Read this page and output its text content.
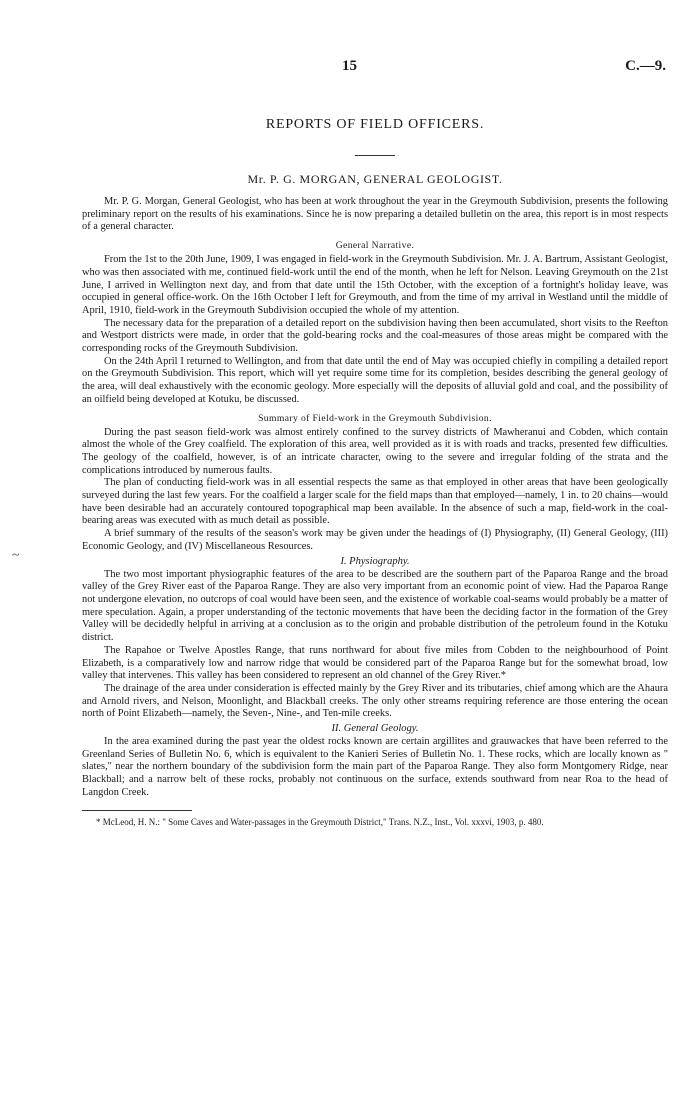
15	C.—9.
REPORTS OF FIELD OFFICERS.
Mr. P. G. MORGAN, GENERAL GEOLOGIST.

Mr. P. G. Morgan, General Geologist, who has been at work throughout the year in the Greymouth Subdivision, presents the following preliminary report on the results of his examinations. Since he is now preparing a detailed bulletin on the area, this report is in most respects of a general character.

General Narrative.

From the 1st to the 20th June, 1909, I was engaged in field-work in the Greymouth Subdivision. Mr. J. A. Bartrum, Assistant Geologist, who was then associated with me, continued field-work until the end of the month, when he left for Nelson. Leaving Greymouth on the 21st June, I arrived in Wellington next day, and from that date until the 15th October, with the exception of a fortnight's holiday leave, was occupied in general office-work. On the 16th October I left for Greymouth, and from the time of my arrival in Westland until the middle of April, 1910, field-work in the Greymouth Subdivision occupied the whole of my attention.

The necessary data for the preparation of a detailed report on the subdivision having then been accumulated, short visits to the Reefton and Westport districts were made, in order that the gold-bearing rocks and the coal-measures of those areas might be compared with the corresponding rocks of the Greymouth Subdivision.

On the 24th April I returned to Wellington, and from that date until the end of May was occupied chiefly in compiling a detailed report on the Greymouth Subdivision. This report, which will yet require some time for its completion, besides describing the general geology of the area, will deal exhaustively with the economic geology. More especially will the deposits of alluvial gold and coal, and the possibility of an oilfield being developed at Kotuku, be discussed.

Summary of Field-work in the Greymouth Subdivision.

During the past season field-work was almost entirely confined to the survey districts of Mawheranui and Cobden, which contain almost the whole of the Grey coalfield. The exploration of this area, well provided as it is with roads and tracks, presented few difficulties. The geology of the coalfield, however, is of an intricate character, owing to the severe and irregular folding of the strata and the complications introduced by numerous faults.

The plan of conducting field-work was in all essential respects the same as that employed in other areas that have been geologically surveyed during the last few years. For the coalfield a larger scale for the field maps than that employed—namely, 1 in. to 20 chains—would have been desirable had an accurately contoured topographical map been available. In the absence of such a map, field-work in the coal-bearing areas was executed with as much detail as possible.

A brief summary of the results of the season's work may be given under the headings of (I) Physiography, (II) General Geology, (III) Economic Geology, and (IV) Miscellaneous Resources.

I. Physiography.

The two most important physiographic features of the area to be described are the southern part of the Paparoa Range and the broad valley of the Grey River east of the Paparoa Range. They are also very important from an economic point of view. Had the Paparoa Range not undergone elevation, no outcrops of coal would have been seen, and the existence of workable coal-seams would probably be a matter of mere speculation. Again, a proper understanding of the tectonic movements that have been the deciding factor in the formation of the Grey Valley will be decidedly helpful in arriving at a conclusion as to the origin and probable distribution of the petroleum found in the Kotuku district.

The Rapahoe or Twelve Apostles Range, that runs northward for about five miles from Cobden to the neighbourhood of Point Elizabeth, is a comparatively low and narrow ridge that would be considered part of the Paparoa Range but for the somewhat broad, low valley that intervenes. This valley has been considered to represent an old channel of the Grey River.*

The drainage of the area under consideration is effected mainly by the Grey River and its tributaries, chief among which are the Ahaura and Arnold rivers, and Nelson, Moonlight, and Blackball creeks. The only other streams requiring reference are those entering the ocean north of Point Elizabeth—namely, the Seven-, Nine-, and Ten-mile creeks.

II. General Geology.

In the area examined during the past year the oldest rocks known are certain argillites and grauwackes that have been referred to the Greenland Series of Bulletin No. 6, which is equivalent to the Kanieri Series of Bulletin No. 1. These rocks, which are locally known as " slates," near the northern boundary of the subdivision form the main part of the Paparoa Range. They also form Montgomery Ridge, near Blackball; and a narrow belt of these rocks, probably not continuous on the surface, extends southward from near Roa to the head of Langdon Creek.

* McLeod, H. N.: " Some Caves and Water-passages in the Greymouth District," Trans. N.Z., Inst., Vol. xxxvi, 1903, p. 480.

~
